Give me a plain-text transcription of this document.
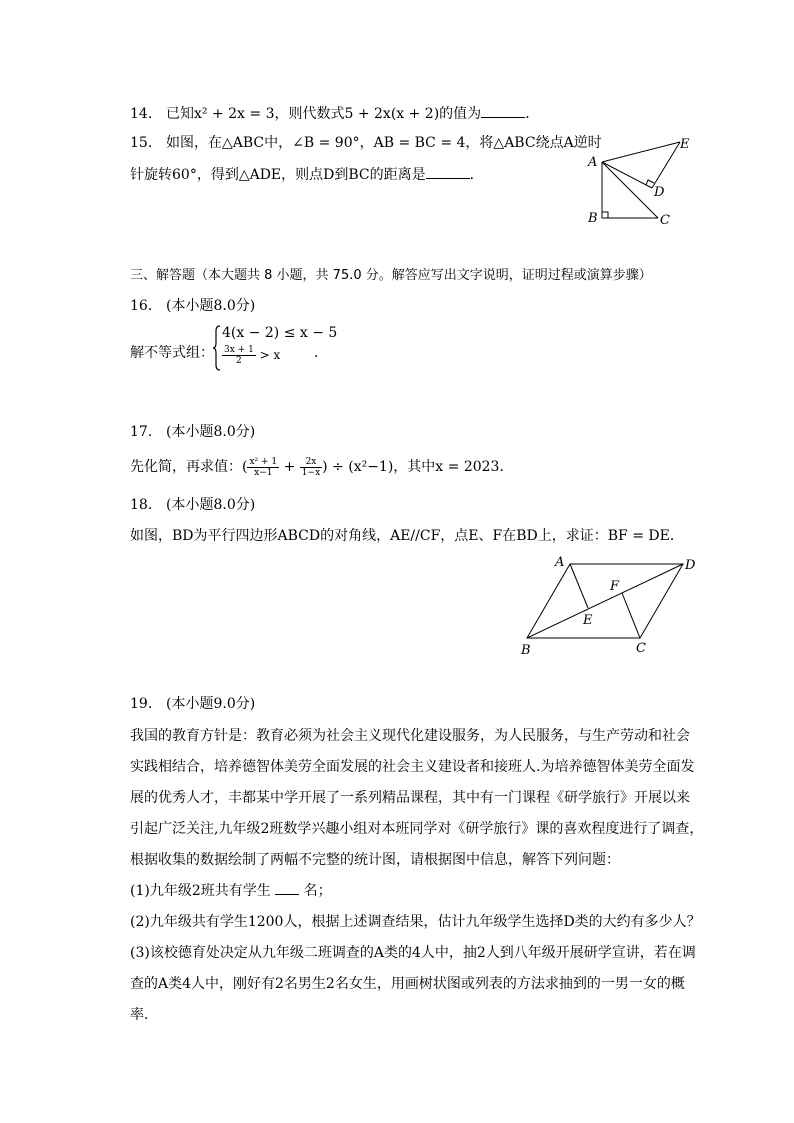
14. 已知x² + 2x = 3，则代数式5 + 2x(x + 2)的值为	．
15. 如图，在△ABC中，∠B = 90°，AB = BC = 4，将△ABC绕点A逆时
针旋转60°，得到△ADE，则点D到BC的距离是	．
A
B	C
D
E
三、解答题（本大题共 8 小题，共 75.0 分。解答应写出文字说明，证明过程或演算步骤）
16. (本小题8.0分)
解不等式组：
4(x − 2) ≤ x − 5
$\frac{3x + 1}{2} > x$ ．
17. (本小题8.0分)
先化简，再求值：( $\frac{\text{x² + 1}}{x-1} + \frac{2x}{1-x}$ ) ÷ (x²−1)，其中x = 2023．
18. (本小题8.0分)
如图，BD为平行四边形ABCD的对角线，AE//CF，点E、F在BD上，求证：BF = DE．
A	D
F
E
B	C
19. (本小题9.0分)
我国的教育方针是：教育必须为社会主义现代化建设服务，为人民服务，与生产劳动和社会
实践相结合，培养德智体美劳全面发展的社会主义建设者和接班人.为培养德智体美劳全面发
展的优秀人才，丰都某中学开展了一系列精品课程，其中有一门课程《研学旅行》开展以来
引起广泛关注,九年级2班数学兴趣小组对本班同学对《研学旅行》课的喜欢程度进行了调查，
根据收集的数据绘制了两幅不完整的统计图，请根据图中信息，解答下列问题：
(1)九年级2班共有学生 名；
(2)九年级共有学生1200人，根据上述调查结果，估计九年级学生选择D类的大约有多少人？
(3)该校德育处决定从九年级二班调查的A类的4人中，抽2人到八年级开展研学宣讲，若在调
查的A类4人中，刚好有2名男生2名女生，用画树状图或列表的方法求抽到的一男一女的概
率．
